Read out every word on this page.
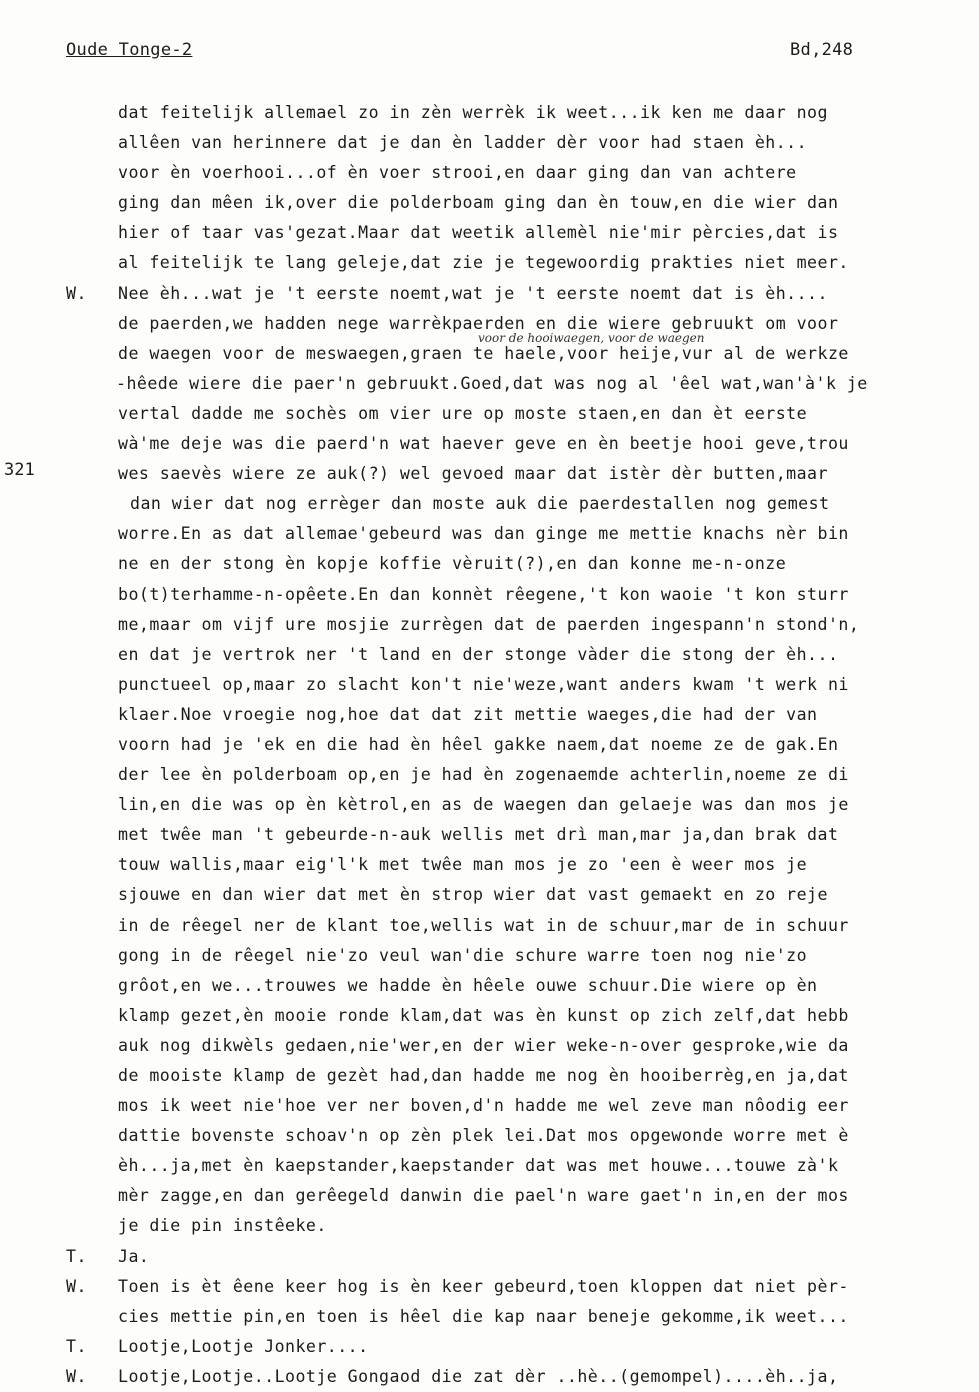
Oude Tonge-2	Bd,248
321
voor de hooiwaegen, voor de waegen
dat feitelijk allemael zo in zèn werrèk ik weet...ik ken me daar nog
allêen van herinnere dat je dan èn ladder dèr voor had staen èh...
voor èn voerhooi...of èn voer strooi,en daar ging dan van achtere
ging dan mêen ik,over die polderboam ging dan èn touw,en die wier dan
hier of taar vas'gezat.Maar dat weetik allemèl nie'mir pèrcies,dat is
al feitelijk te lang geleje,dat zie je tegewoordig prakties niet meer.
W.	Nee èh...wat je 't eerste noemt,wat je 't eerste noemt dat is èh....
de paerden,we hadden nege warrèkpaerden en die wiere gebruukt om voor
de waegen voor de meswaegen,graen te haele,voor heije,vur al de werkze
-hêede wiere die paer'n gebruukt.Goed,dat was nog al 'êel wat,wan'à'k je
vertal dadde me sochès om vier ure op moste staen,en dan èt eerste
wà'me deje was die paerd'n wat haever geve en èn beetje hooi geve,trou
wes saevès wiere ze auk(?) wel gevoed maar dat istèr dèr butten,maar
dan wier dat nog errèger dan moste auk die paerdestallen nog gemest
worre.En as dat allemae'gebeurd was dan ginge me mettie knachs nèr bin
ne en der stong èn kopje koffie vèruit(?),en dan konne me-n-onze
bo(t)terhamme-n-opêete.En dan konnèt rêegene,'t kon waoie 't kon sturr
me,maar om vijf ure mosjie zurrègen dat de paerden ingespann'n stond'n,
en dat je vertrok ner 't land en der stonge vàder die stong der èh...
punctueel op,maar zo slacht kon't nie'weze,want anders kwam 't werk ni
klaer.Noe vroegie nog,hoe dat dat zit mettie waeges,die had der van
voorn had je 'ek en die had èn hêel gakke naem,dat noeme ze de gak.En
der lee èn polderboam op,en je had èn zogenaemde achterlin,noeme ze di
lin,en die was op èn kètrol,en as de waegen dan gelaeje was dan mos je
met twêe man 't gebeurde-n-auk wellis met drì man,mar ja,dan brak dat
touw wallis,maar eig'l'k met twêe man mos je zo 'een è weer mos je
sjouwe en dan wier dat met èn strop wier dat vast gemaekt en zo reje
in de rêegel ner de klant toe,wellis wat in de schuur,mar de in schuur
gong in de rêegel nie'zo veul wan'die schure warre toen nog nie'zo
grôot,en we...trouwes we hadde èn hêele ouwe schuur.Die wiere op èn
klamp gezet,èn mooie ronde klam,dat was èn kunst op zich zelf,dat hebb
auk nog dikwèls gedaen,nie'wer,en der wier weke-n-over gesproke,wie da
de mooiste klamp de gezèt had,dan hadde me nog èn hooiberrèg,en ja,dat
mos ik weet nie'hoe ver ner boven,d'n hadde me wel zeve man nôodig eer
dattie bovenste schoav'n op zèn plek lei.Dat mos opgewonde worre met è
èh...ja,met èn kaepstander,kaepstander dat was met houwe...touwe zà'k
mèr zagge,en dan gerêegeld danwin die pael'n ware gaet'n in,en der mos
je die pin instêeke.
T.	Ja.
W.	Toen is èt êene keer hog is èn keer gebeurd,toen kloppen dat niet pèr-
cies mettie pin,en toen is hêel die kap naar beneje gekomme,ik weet...
T.	Lootje,Lootje Jonker....
W.	Lootje,Lootje..Lootje Gongaod die zat dèr ..hè..(gemompel)....èh..ja,
